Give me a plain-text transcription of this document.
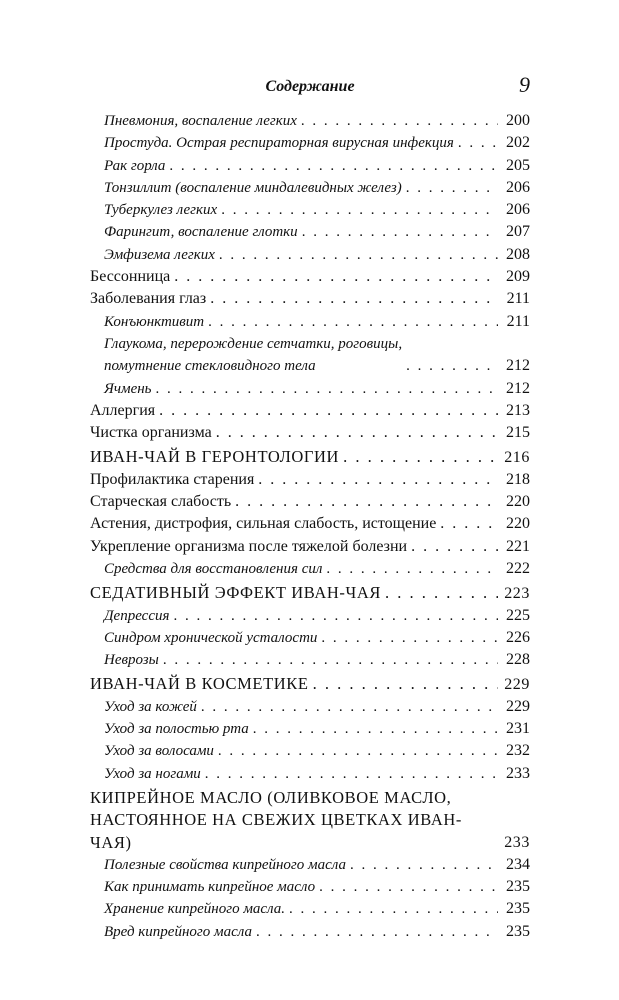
Содержание	9
Пневмония, воспаление легких . . .	200
Простуда. Острая респираторная вирусная инфекция . . .	202
Рак горла . . .	205
Тонзиллит (воспаление миндалевидных желез) . . .	206
Туберкулез легких . . .	206
Фарингит, воспаление глотки . . .	207
Эмфизема легких . . .	208
Бессонница . . .	209
Заболевания глаз . . .	211
Конъюнктивит . . .	211
Глаукома, перерождение сетчатки, роговицы,
помутнение стекловидного тела . . .	212
Ячмень . . .	212
Аллергия . . .	213
Чистка организма . . .	215
ИВАН-ЧАЙ В ГЕРОНТОЛОГИИ . . .	216
Профилактика старения . . .	218
Старческая слабость . . .	220
Астения, дистрофия, сильная слабость, истощение . . .	220
Укрепление организма после тяжелой болезни . . .	221
Средства для восстановления сил . . .	222
СЕДАТИВНЫЙ ЭФФЕКТ ИВАН-ЧАЯ . . .	223
Депрессия . . .	225
Синдром хронической усталости . . .	226
Неврозы . . .	228
ИВАН-ЧАЙ В КОСМЕТИКЕ . . .	229
Уход за кожей . . .	229
Уход за полостью рта . . .	231
Уход за волосами . . .	232
Уход за ногами . . .	233
КИПРЕЙНОЕ МАСЛО (ОЛИВКОВОЕ МАСЛО,
НАСТОЯННОЕ НА СВЕЖИХ ЦВЕТКАХ ИВАН-ЧАЯ)	233
Полезные свойства кипрейного масла . . .	234
Как принимать кипрейное масло . . .	235
Хранение кипрейного масла. . . .	235
Вред кипрейного масла . . .	235
